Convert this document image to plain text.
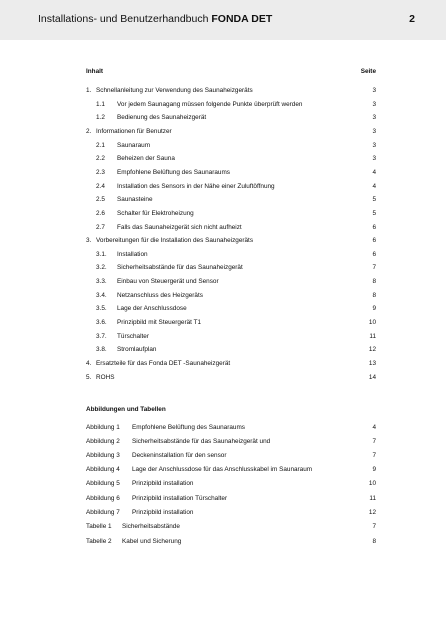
Installations- und Benutzerhandbuch FONDA DET	2
Inhalt	Seite
1. Schnellanleitung zur Verwendung des Saunaheizgeräts	3
1.1 Vor jedem Saunagang müssen folgende Punkte überprüft werden	3
1.2 Bedienung des Saunaheizgerät	3
2. Informationen für Benutzer	3
2.1 Saunaraum	3
2.2 Beheizen der Sauna	3
2.3 Empfohlene Belüftung des Saunaraums	4
2.4 Installation des Sensors in der Nähe einer Zuluftöffnung	4
2.5 Saunasteine	5
2.6 Schalter für Elektroheizung	5
2.7 Falls das Saunaheizgerät sich nicht aufheizt	6
3. Vorbereitungen für die Installation des Saunaheizgeräts	6
3.1. Installation	6
3.2. Sicherheitsabstände für das Saunaheizgerät	7
3.3. Einbau von Steuergerät und Sensor	8
3.4. Netzanschluss des Heizgeräts	8
3.5. Lage der Anschlussdose	9
3.6. Prinzipbild mit Steuergerät T1	10
3.7. Türschalter	11
3.8. Stromlaufplan	12
4. Ersatzteile für das Fonda DET -Saunaheizgerät	13
5. ROHS	14
Abbildungen und Tabellen
Abbildung 1 Empfohlene Belüftung des Saunaraums	4
Abbildung 2 Sicherheitsabstände für das Saunaheizgerät und	7
Abbildung 3 Deckeninstallation für den sensor	7
Abbildung 4 Lage der Anschlussdose für das Anschlusskabel im Saunaraum	9
Abbildung 5 Prinzipbild installation	10
Abbildung 6 Prinzipbild installation Türschalter	11
Abbildung 7 Prinzipbild installation	12
Tabelle 1 Sicherheitsabstände	7
Tabelle 2 Kabel und Sicherung	8
